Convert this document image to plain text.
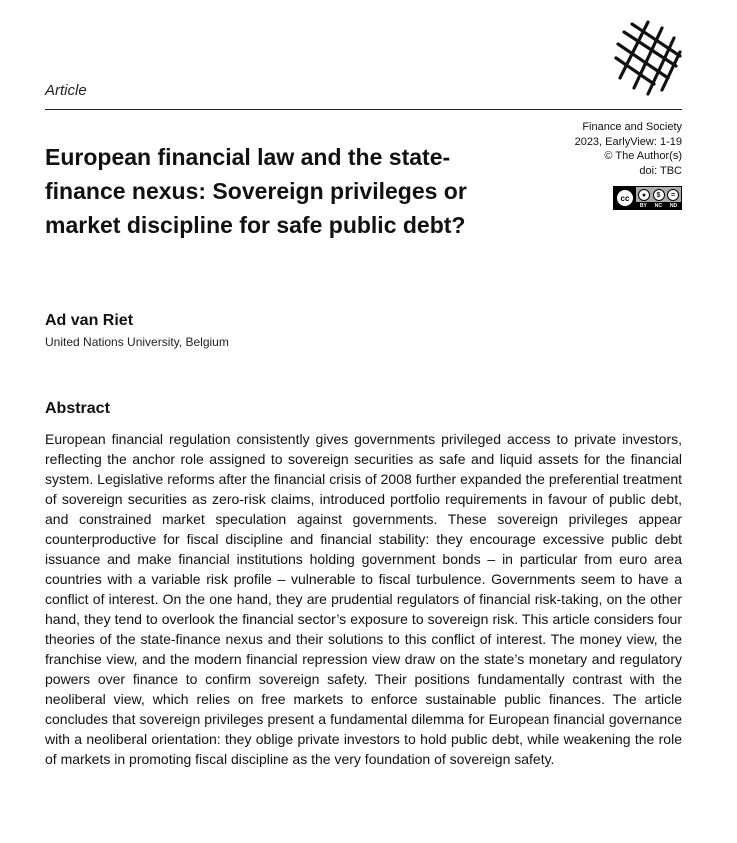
Article
Finance and Society
2023, EarlyView: 1-19
© The Author(s)
doi: TBC
cc	●	$	=
BY NC ND
European financial law and the state-finance nexus: Sovereign privileges or market discipline for safe public debt?
Ad van Riet
United Nations University, Belgium
Abstract

European financial regulation consistently gives governments privileged access to private investors, reflecting the anchor role assigned to sovereign securities as safe and liquid assets for the financial system. Legislative reforms after the financial crisis of 2008 further expanded the preferential treatment of sovereign securities as zero-risk claims, introduced portfolio requirements in favour of public debt, and constrained market speculation against governments. These sovereign privileges appear counterproductive for fiscal discipline and financial stability: they encourage excessive public debt issuance and make financial institutions holding government bonds – in particular from euro area countries with a variable risk profile – vulnerable to fiscal turbulence. Governments seem to have a conflict of interest. On the one hand, they are prudential regulators of financial risk-taking, on the other hand, they tend to overlook the financial sector’s exposure to sovereign risk. This article considers four theories of the state-finance nexus and their solutions to this conflict of interest. The money view, the franchise view, and the modern financial repression view draw on the state’s monetary and regulatory powers over finance to confirm sovereign safety. Their positions fundamentally contrast with the neoliberal view, which relies on free markets to enforce sustainable public finances. The article concludes that sovereign privileges present a fundamental dilemma for European financial governance with a neoliberal orientation: they oblige private investors to hold public debt, while weakening the role of markets in promoting fiscal discipline as the very foundation of sovereign safety.
